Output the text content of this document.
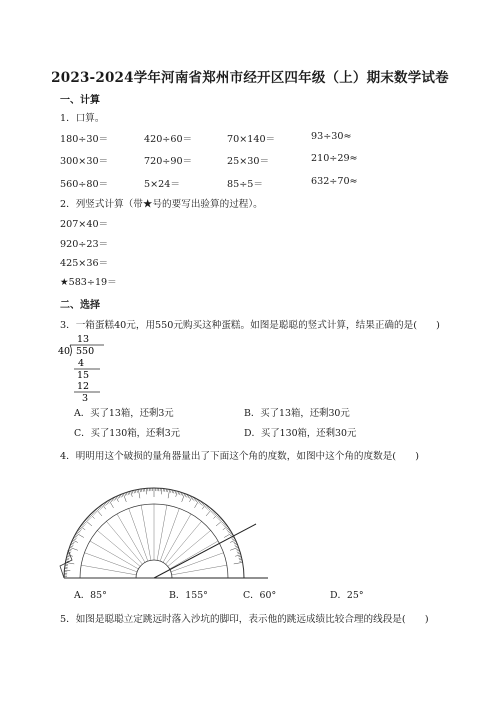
2023-2024学年河南省郑州市经开区四年级（上）期末数学试卷
一、计算
1．口算。
180÷30＝	420÷60＝	70×140＝	93÷30≈
300×30＝	720÷90＝	25×30＝	210÷29≈
560÷80＝	5×24＝	85÷5＝	632÷70≈
2．列竖式计算（带★号的要写出验算的过程）。
207×40＝
920÷23＝
425×36＝
★583÷19＝
二、选择
3．一箱蛋糕40元，用550元购买这种蛋糕。如图是聪聪的竖式计算，结果正确的是(　　)
13
40 550
4
15
12
3
A．买了13箱，还剩3元	B．买了13箱，还剩30元
C．买了130箱，还剩3元	D．买了130箱，还剩30元
4．明明用这个破损的量角器量出了下面这个角的度数，如图中这个角的度数是(　　)
A．85°	B．155°	C．60°	D．25°
5．如图是聪聪立定跳远时落入沙坑的脚印，表示他的跳远成绩比较合理的线段是(　　)
